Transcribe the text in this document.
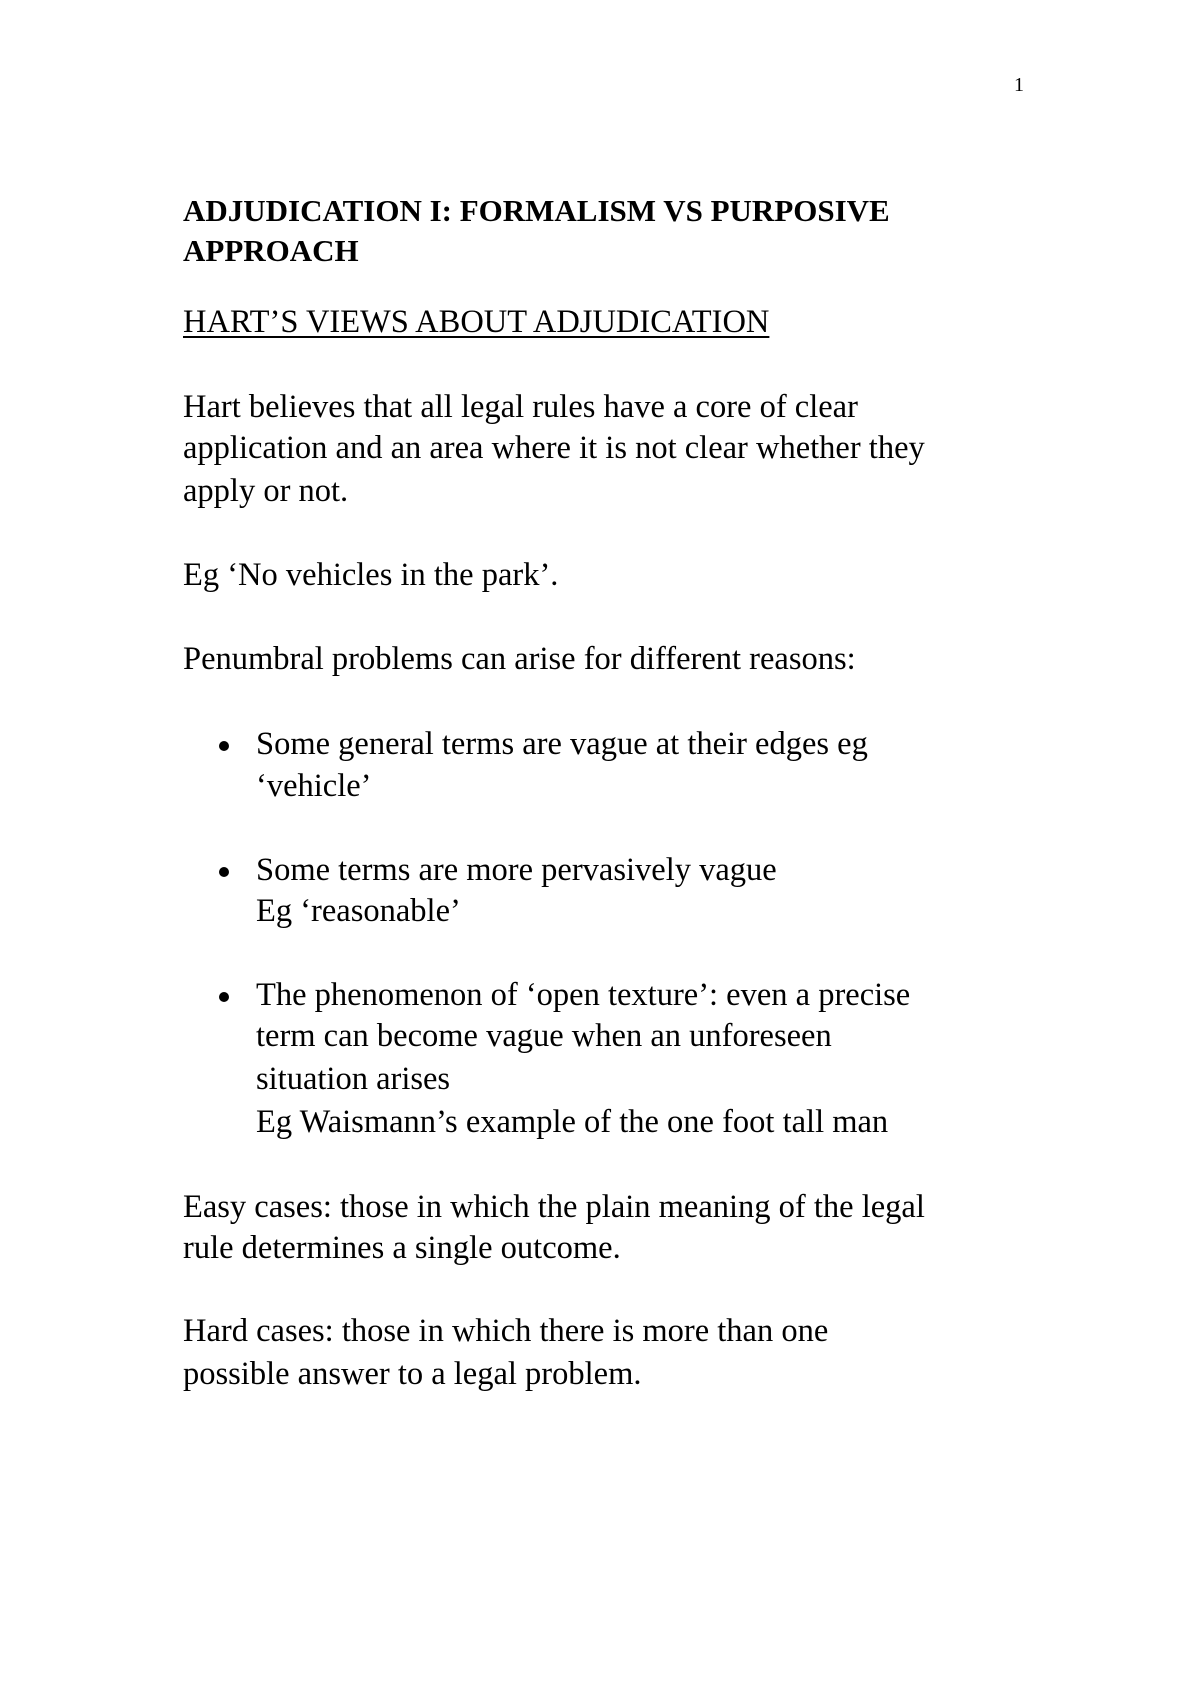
1
ADJUDICATION I: FORMALISM VS PURPOSIVE
APPROACH
HART’S VIEWS ABOUT ADJUDICATION
Hart believes that all legal rules have a core of clear
application and an area where it is not clear whether they
apply or not.
Eg ‘No vehicles in the park’.
Penumbral problems can arise for different reasons:
Some general terms are vague at their edges eg
‘vehicle’
Some terms are more pervasively vague
Eg ‘reasonable’
The phenomenon of ‘open texture’: even a precise
term can become vague when an unforeseen
situation arises
Eg Waismann’s example of the one foot tall man
Easy cases: those in which the plain meaning of the legal
rule determines a single outcome.
Hard cases: those in which there is more than one
possible answer to a legal problem.
